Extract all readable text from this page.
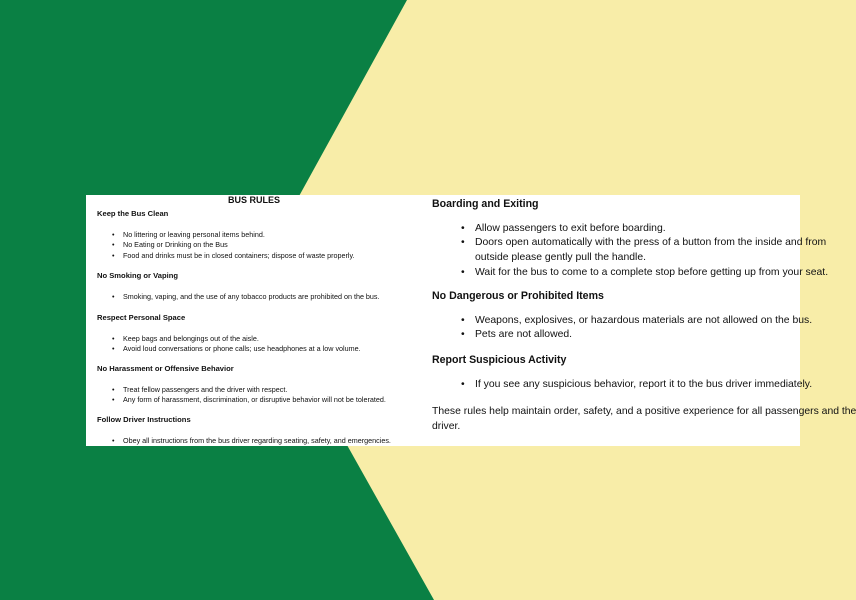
BUS RULES
Keep the Bus Clean
• No littering or leaving personal items behind.
• No Eating or Drinking on the Bus
• Food and drinks must be in closed containers; dispose of waste properly.
No Smoking or Vaping
• Smoking, vaping, and the use of any tobacco products are prohibited on the bus.
Respect Personal Space
• Keep bags and belongings out of the aisle.
• Avoid loud conversations or phone calls; use headphones at a low volume.
No Harassment or Offensive Behavior
• Treat fellow passengers and the driver with respect.
• Any form of harassment, discrimination, or disruptive behavior will not be tolerated.
Follow Driver Instructions
• Obey all instructions from the bus driver regarding seating, safety, and emergencies.
Boarding and Exiting
• Allow passengers to exit before boarding.
• Doors open automatically with the press of a button from the inside and from
outside please gently pull the handle.
• Wait for the bus to come to a complete stop before getting up from your seat.
No Dangerous or Prohibited Items
• Weapons, explosives, or hazardous materials are not allowed on the bus.
• Pets are not allowed.
Report Suspicious Activity
• If you see any suspicious behavior, report it to the bus driver immediately.

These rules help maintain order, safety, and a positive experience for all passengers and the
driver.
